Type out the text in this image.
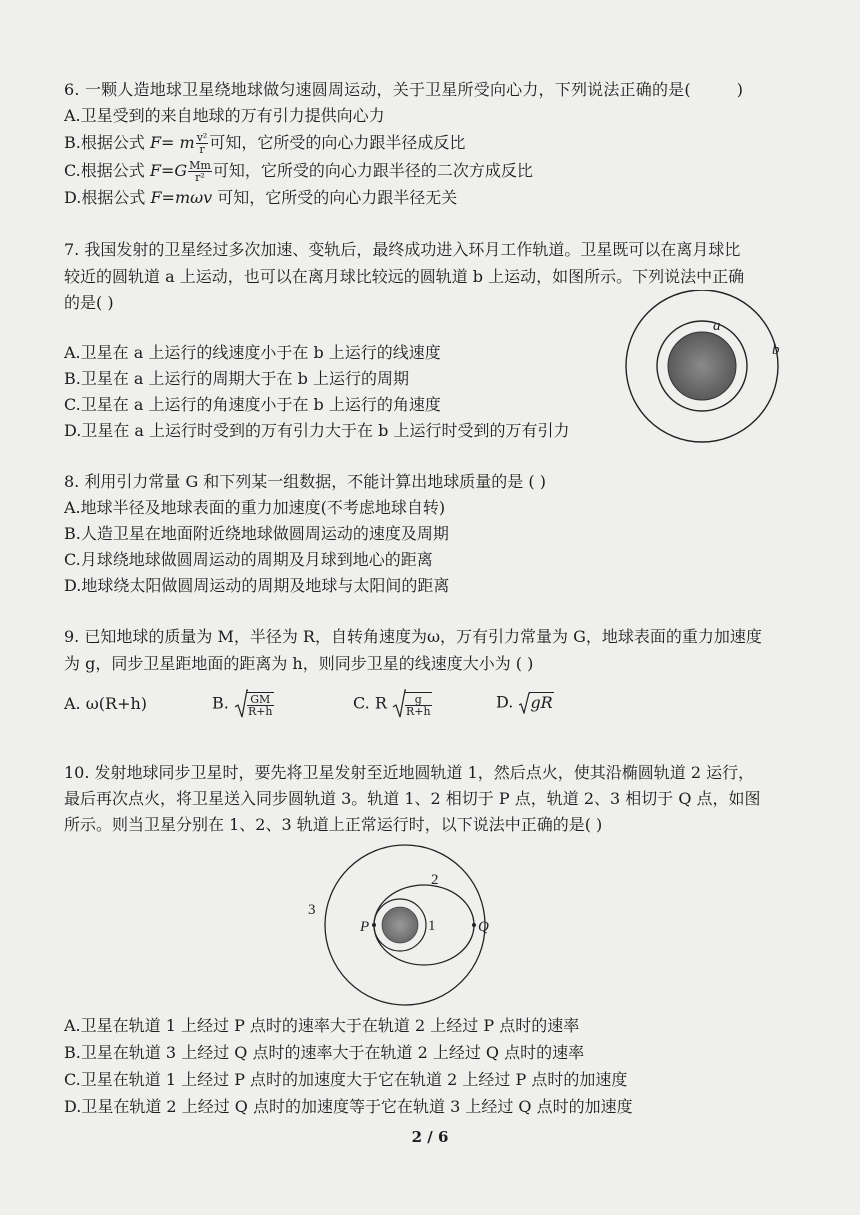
6. 一颗人造地球卫星绕地球做匀速圆周运动，关于卫星所受向心力，下列说法正确的是(	)
A.卫星受到的来自地球的万有引力提供向心力
B.根据公式 F= m $\frac{\text{v²}}{r}$ 可知，它所受的向心力跟半径成反比
C.根据公式 $F=G \frac{Mm}{\text{r²}}$ 可知，它所受的向心力跟半径的二次方成反比
D.根据公式 F=mωv 可知，它所受的向心力跟半径无关
7. 我国发射的卫星经过多次加速、变轨后，最终成功进入环月工作轨道。卫星既可以在离月球比
较近的圆轨道 a 上运动，也可以在离月球比较远的圆轨道 b 上运动，如图所示。下列说法中正确
的是( )
A.卫星在 a 上运行的线速度小于在 b 上运行的线速度
B.卫星在 a 上运行的周期大于在 b 上运行的周期
C.卫星在 a 上运行的角速度小于在 b 上运行的角速度
D.卫星在 a 上运行时受到的万有引力大于在 b 上运行时受到的万有引力
a
b
8. 利用引力常量 G 和下列某一组数据，不能计算出地球质量的是 ( )
A.地球半径及地球表面的重力加速度(不考虑地球自转)
B.人造卫星在地面附近绕地球做圆周运动的速度及周期
C.月球绕地球做圆周运动的周期及月球到地心的距离
D.地球绕太阳做圆周运动的周期及地球与太阳间的距离
9. 已知地球的质量为 M，半径为 R，自转角速度为ω，万有引力常量为 G，地球表面的重力加速度
为 g，同步卫星距地面的距离为 h，则同步卫星的线速度大小为 ( )
A. ω(R+h)	B. $\frac{GM}{R+h}$	C. R $\frac{g}{R+h}$	D. gR
10. 发射地球同步卫星时，要先将卫星发射至近地圆轨道 1，然后点火，使其沿椭圆轨道 2 运行，
最后再次点火，将卫星送入同步圆轨道 3。轨道 1、2 相切于 P 点，轨道 2、3 相切于 Q 点，如图
所示。则当卫星分别在 1、2、3 轨道上正常运行时，以下说法中正确的是( )
3
2
1
P	Q
A.卫星在轨道 1 上经过 P 点时的速率大于在轨道 2 上经过 P 点时的速率
B.卫星在轨道 3 上经过 Q 点时的速率大于在轨道 2 上经过 Q 点时的速率
C.卫星在轨道 1 上经过 P 点时的加速度大于它在轨道 2 上经过 P 点时的加速度
D.卫星在轨道 2 上经过 Q 点时的加速度等于它在轨道 3 上经过 Q 点时的加速度
2 / 6
